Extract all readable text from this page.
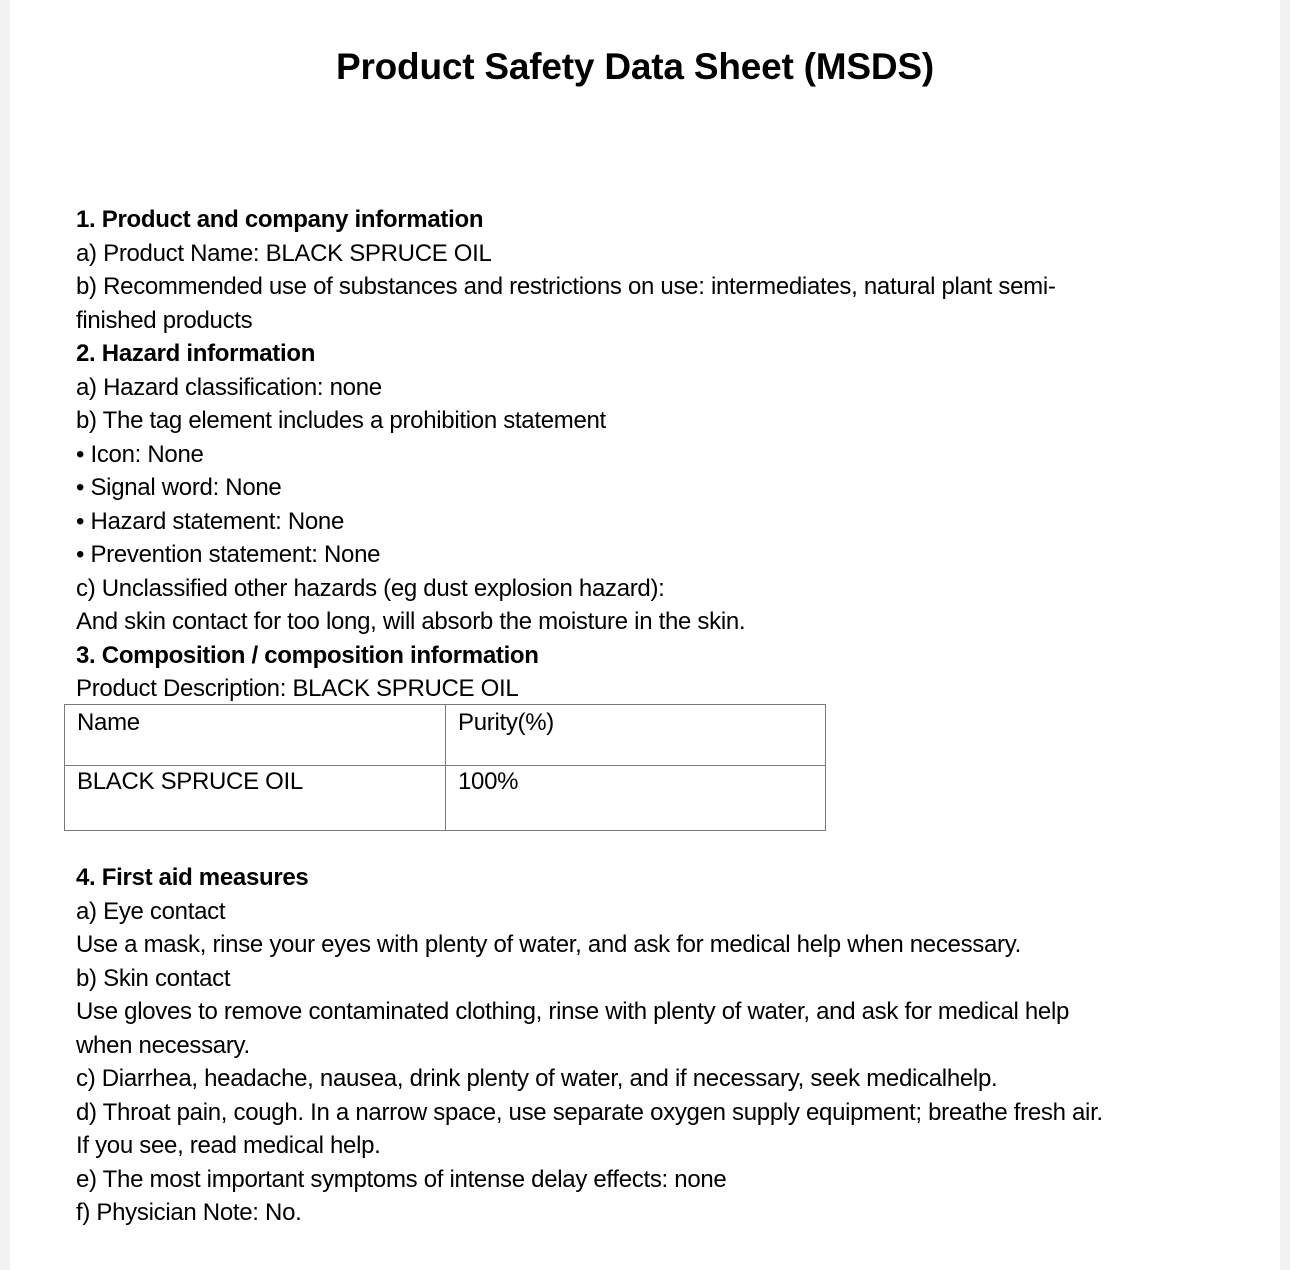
Product Safety Data Sheet (MSDS)
1. Product and company information
a) Product Name: BLACK SPRUCE OIL
b) Recommended use of substances and restrictions on use: intermediates, natural plant semi-
finished products
2. Hazard information
a) Hazard classification: none
b) The tag element includes a prohibition statement
• Icon: None
• Signal word: None
• Hazard statement: None
• Prevention statement: None
c) Unclassified other hazards (eg dust explosion hazard):
And skin contact for too long, will absorb the moisture in the skin.
3. Composition / composition information
Product Description: BLACK SPRUCE OIL
Name	Purity(%)
BLACK SPRUCE OIL	100%
4. First aid measures
a) Eye contact
Use a mask, rinse your eyes with plenty of water, and ask for medical help when necessary.
b) Skin contact
Use gloves to remove contaminated clothing, rinse with plenty of water, and ask for medical help
when necessary.
c) Diarrhea, headache, nausea, drink plenty of water, and if necessary, seek medicalhelp.
d) Throat pain, cough. In a narrow space, use separate oxygen supply equipment; breathe fresh air.
If you see, read medical help.
e) The most important symptoms of intense delay effects: none
f) Physician Note: No.
